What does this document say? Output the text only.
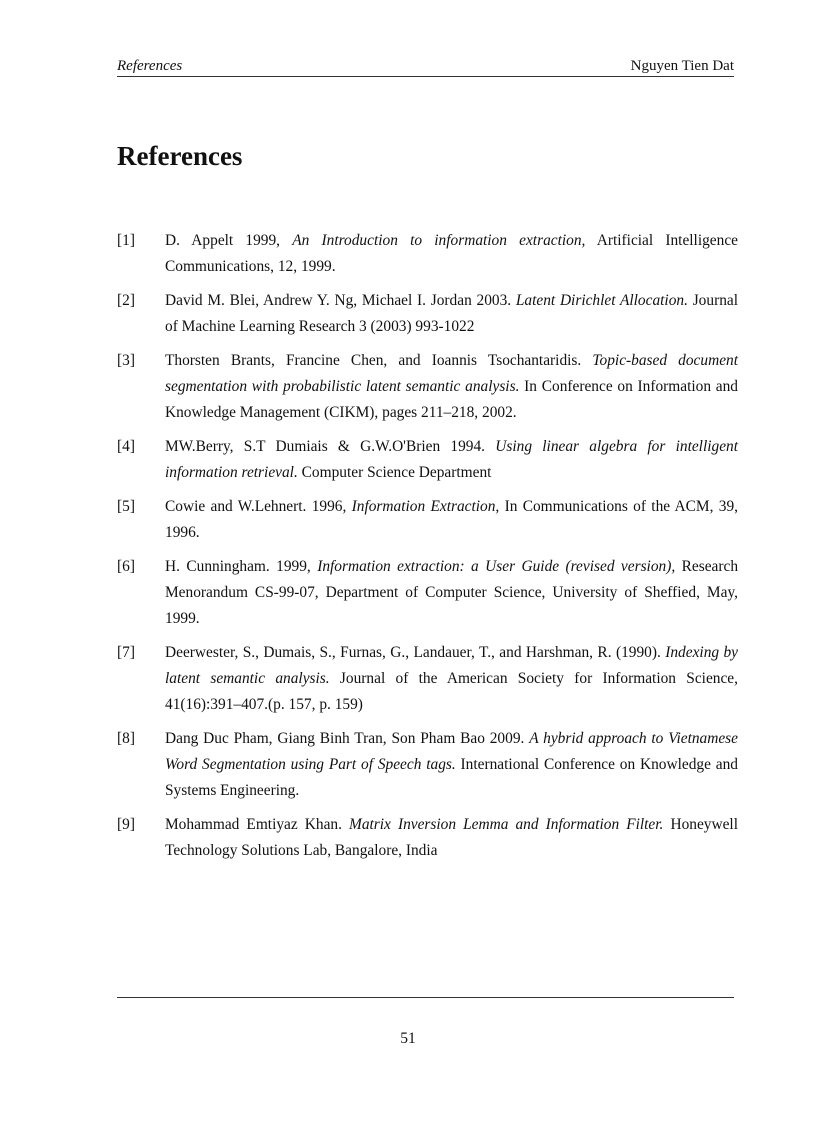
References	Nguyen Tien Dat
References
[1]	D. Appelt 1999, An Introduction to information extraction, Artificial Intelligence Communications, 12, 1999.
[2]	David M. Blei, Andrew Y. Ng, Michael I. Jordan 2003. Latent Dirichlet Allocation. Journal of Machine Learning Research 3 (2003) 993-1022
[3]	Thorsten Brants, Francine Chen, and Ioannis Tsochantaridis. Topic-based document segmentation with probabilistic latent semantic analysis. In Conference on Information and Knowledge Management (CIKM), pages 211–218, 2002.
[4]	MW.Berry, S.T Dumiais & G.W.O'Brien 1994. Using linear algebra for intelligent information retrieval. Computer Science Department
[5]	Cowie and W.Lehnert. 1996, Information Extraction, In Communications of the ACM, 39, 1996.
[6]	H. Cunningham. 1999, Information extraction: a User Guide (revised version), Research Menorandum CS-99-07, Department of Computer Science, University of Sheffied, May, 1999.
[7]	Deerwester, S., Dumais, S., Furnas, G., Landauer, T., and Harshman, R. (1990). Indexing by latent semantic analysis. Journal of the American Society for Information Science, 41(16):391–407.(p. 157, p. 159)
[8]	Dang Duc Pham, Giang Binh Tran, Son Pham Bao 2009. A hybrid approach to Vietnamese Word Segmentation using Part of Speech tags. International Conference on Knowledge and Systems Engineering.
[9]	Mohammad Emtiyaz Khan. Matrix Inversion Lemma and Information Filter. Honeywell Technology Solutions Lab, Bangalore, India
51
